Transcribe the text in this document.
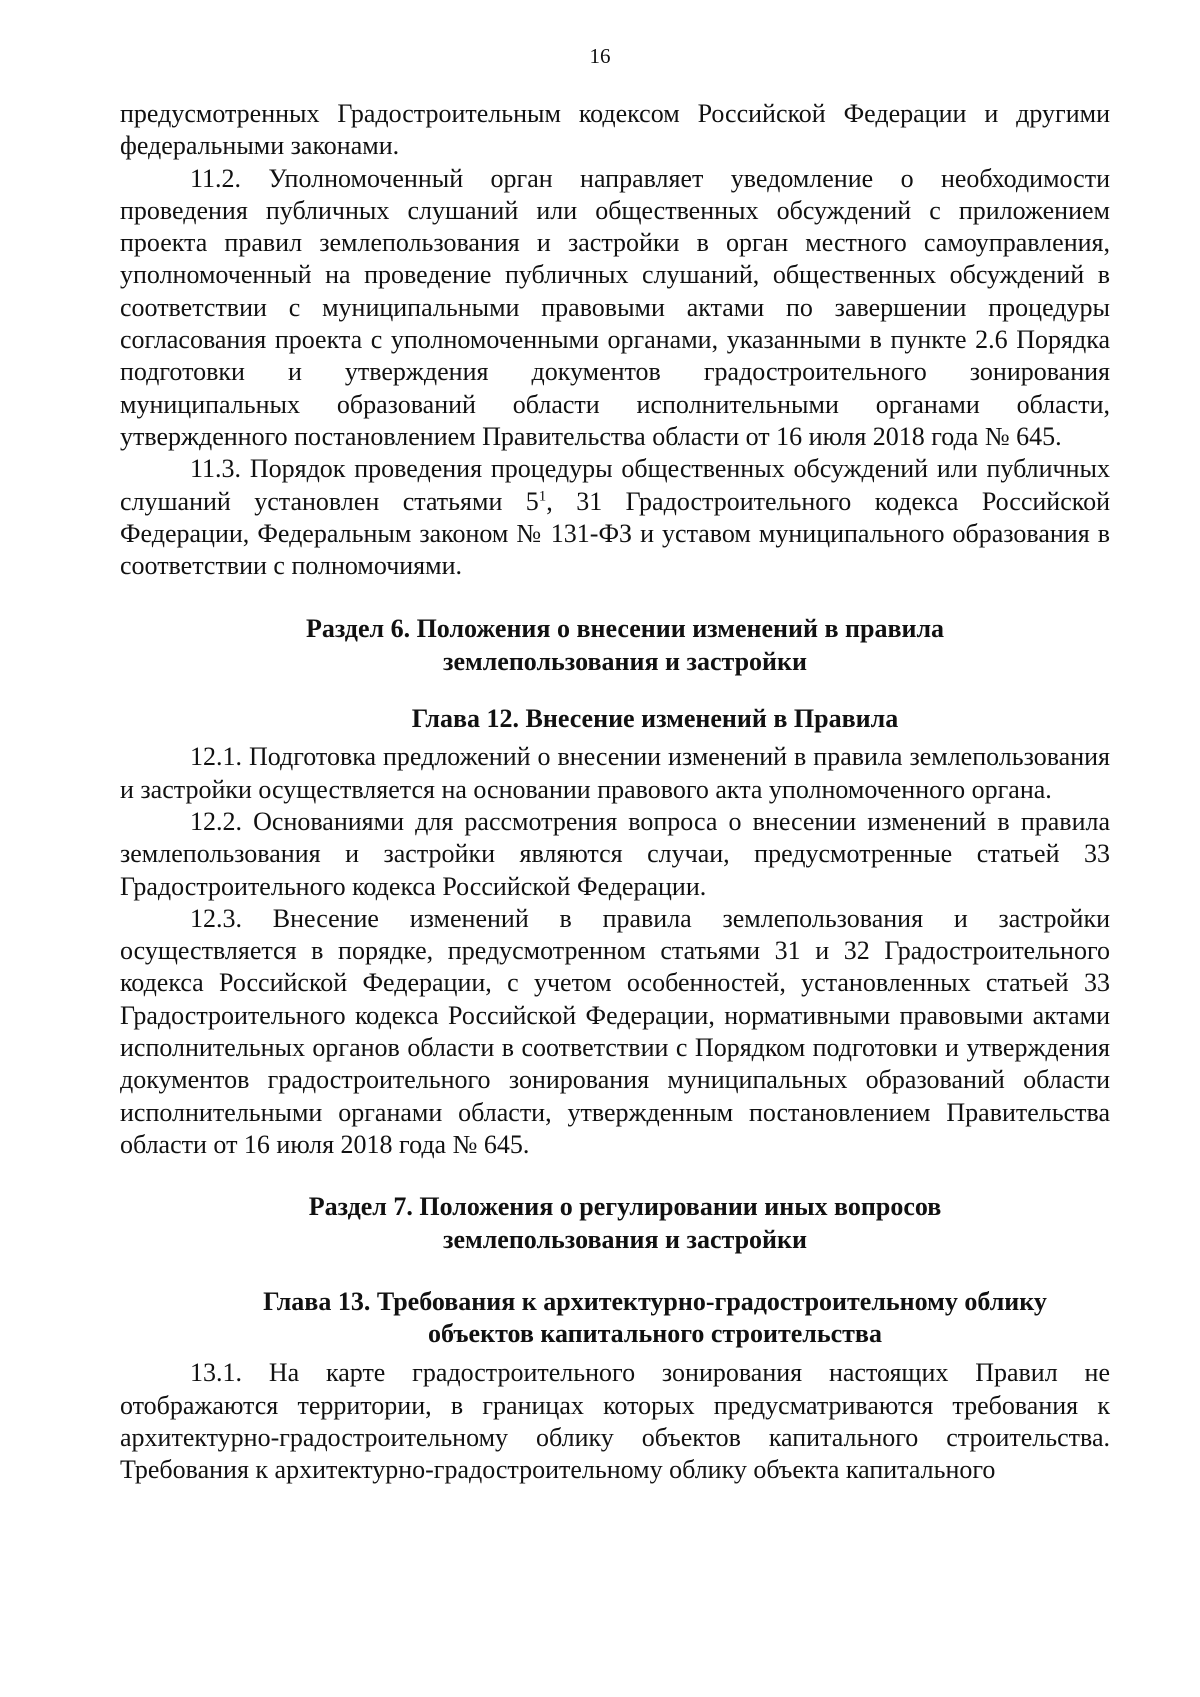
16

предусмотренных Градостроительным кодексом Российской Федерации и другими федеральными законами.

11.2. Уполномоченный орган направляет уведомление о необходимости проведения публичных слушаний или общественных обсуждений с приложением проекта правил землепользования и застройки в орган местного самоуправления, уполномоченный на проведение публичных слушаний, общественных обсуждений в соответствии с муниципальными правовыми актами по завершении процедуры согласования проекта с уполномоченными органами, указанными в пункте 2.6 Порядка подготовки и утверждения документов градостроительного зонирования муниципальных образований области исполнительными органами области, утвержденного постановлением Правительства области от 16 июля 2018 года № 645.

11.3. Порядок проведения процедуры общественных обсуждений или публичных слушаний установлен статьями $5^1$, 31 Градостроительного кодекса Российской Федерации, Федеральным законом № 131-ФЗ и уставом муниципального образования в соответствии с полномочиями.

Раздел 6. Положения о внесении изменений в правила
землепользования и застройки
Глава 12. Внесение изменений в Правила

12.1. Подготовка предложений о внесении изменений в правила землепользования и застройки осуществляется на основании правового акта уполномоченного органа.

12.2. Основаниями для рассмотрения вопроса о внесении изменений в правила землепользования и застройки являются случаи, предусмотренные статьей 33 Градостроительного кодекса Российской Федерации.

12.3. Внесение изменений в правила землепользования и застройки осуществляется в порядке, предусмотренном статьями 31 и 32 Градостроительного кодекса Российской Федерации, с учетом особенностей, установленных статьей 33 Градостроительного кодекса Российской Федерации, нормативными правовыми актами исполнительных органов области в соответствии с Порядком подготовки и утверждения документов градостроительного зонирования муниципальных образований области исполнительными органами области, утвержденным постановлением Правительства области от 16 июля 2018 года № 645.

Раздел 7. Положения о регулировании иных вопросов
землепользования и застройки
Глава 13. Требования к архитектурно-градостроительному облику
объектов капитального строительства

13.1. На карте градостроительного зонирования настоящих Правил не отображаются территории, в границах которых предусматриваются требования к архитектурно-градостроительному облику объектов капитального строительства. Требования к архитектурно-градостроительному облику объекта капитального
